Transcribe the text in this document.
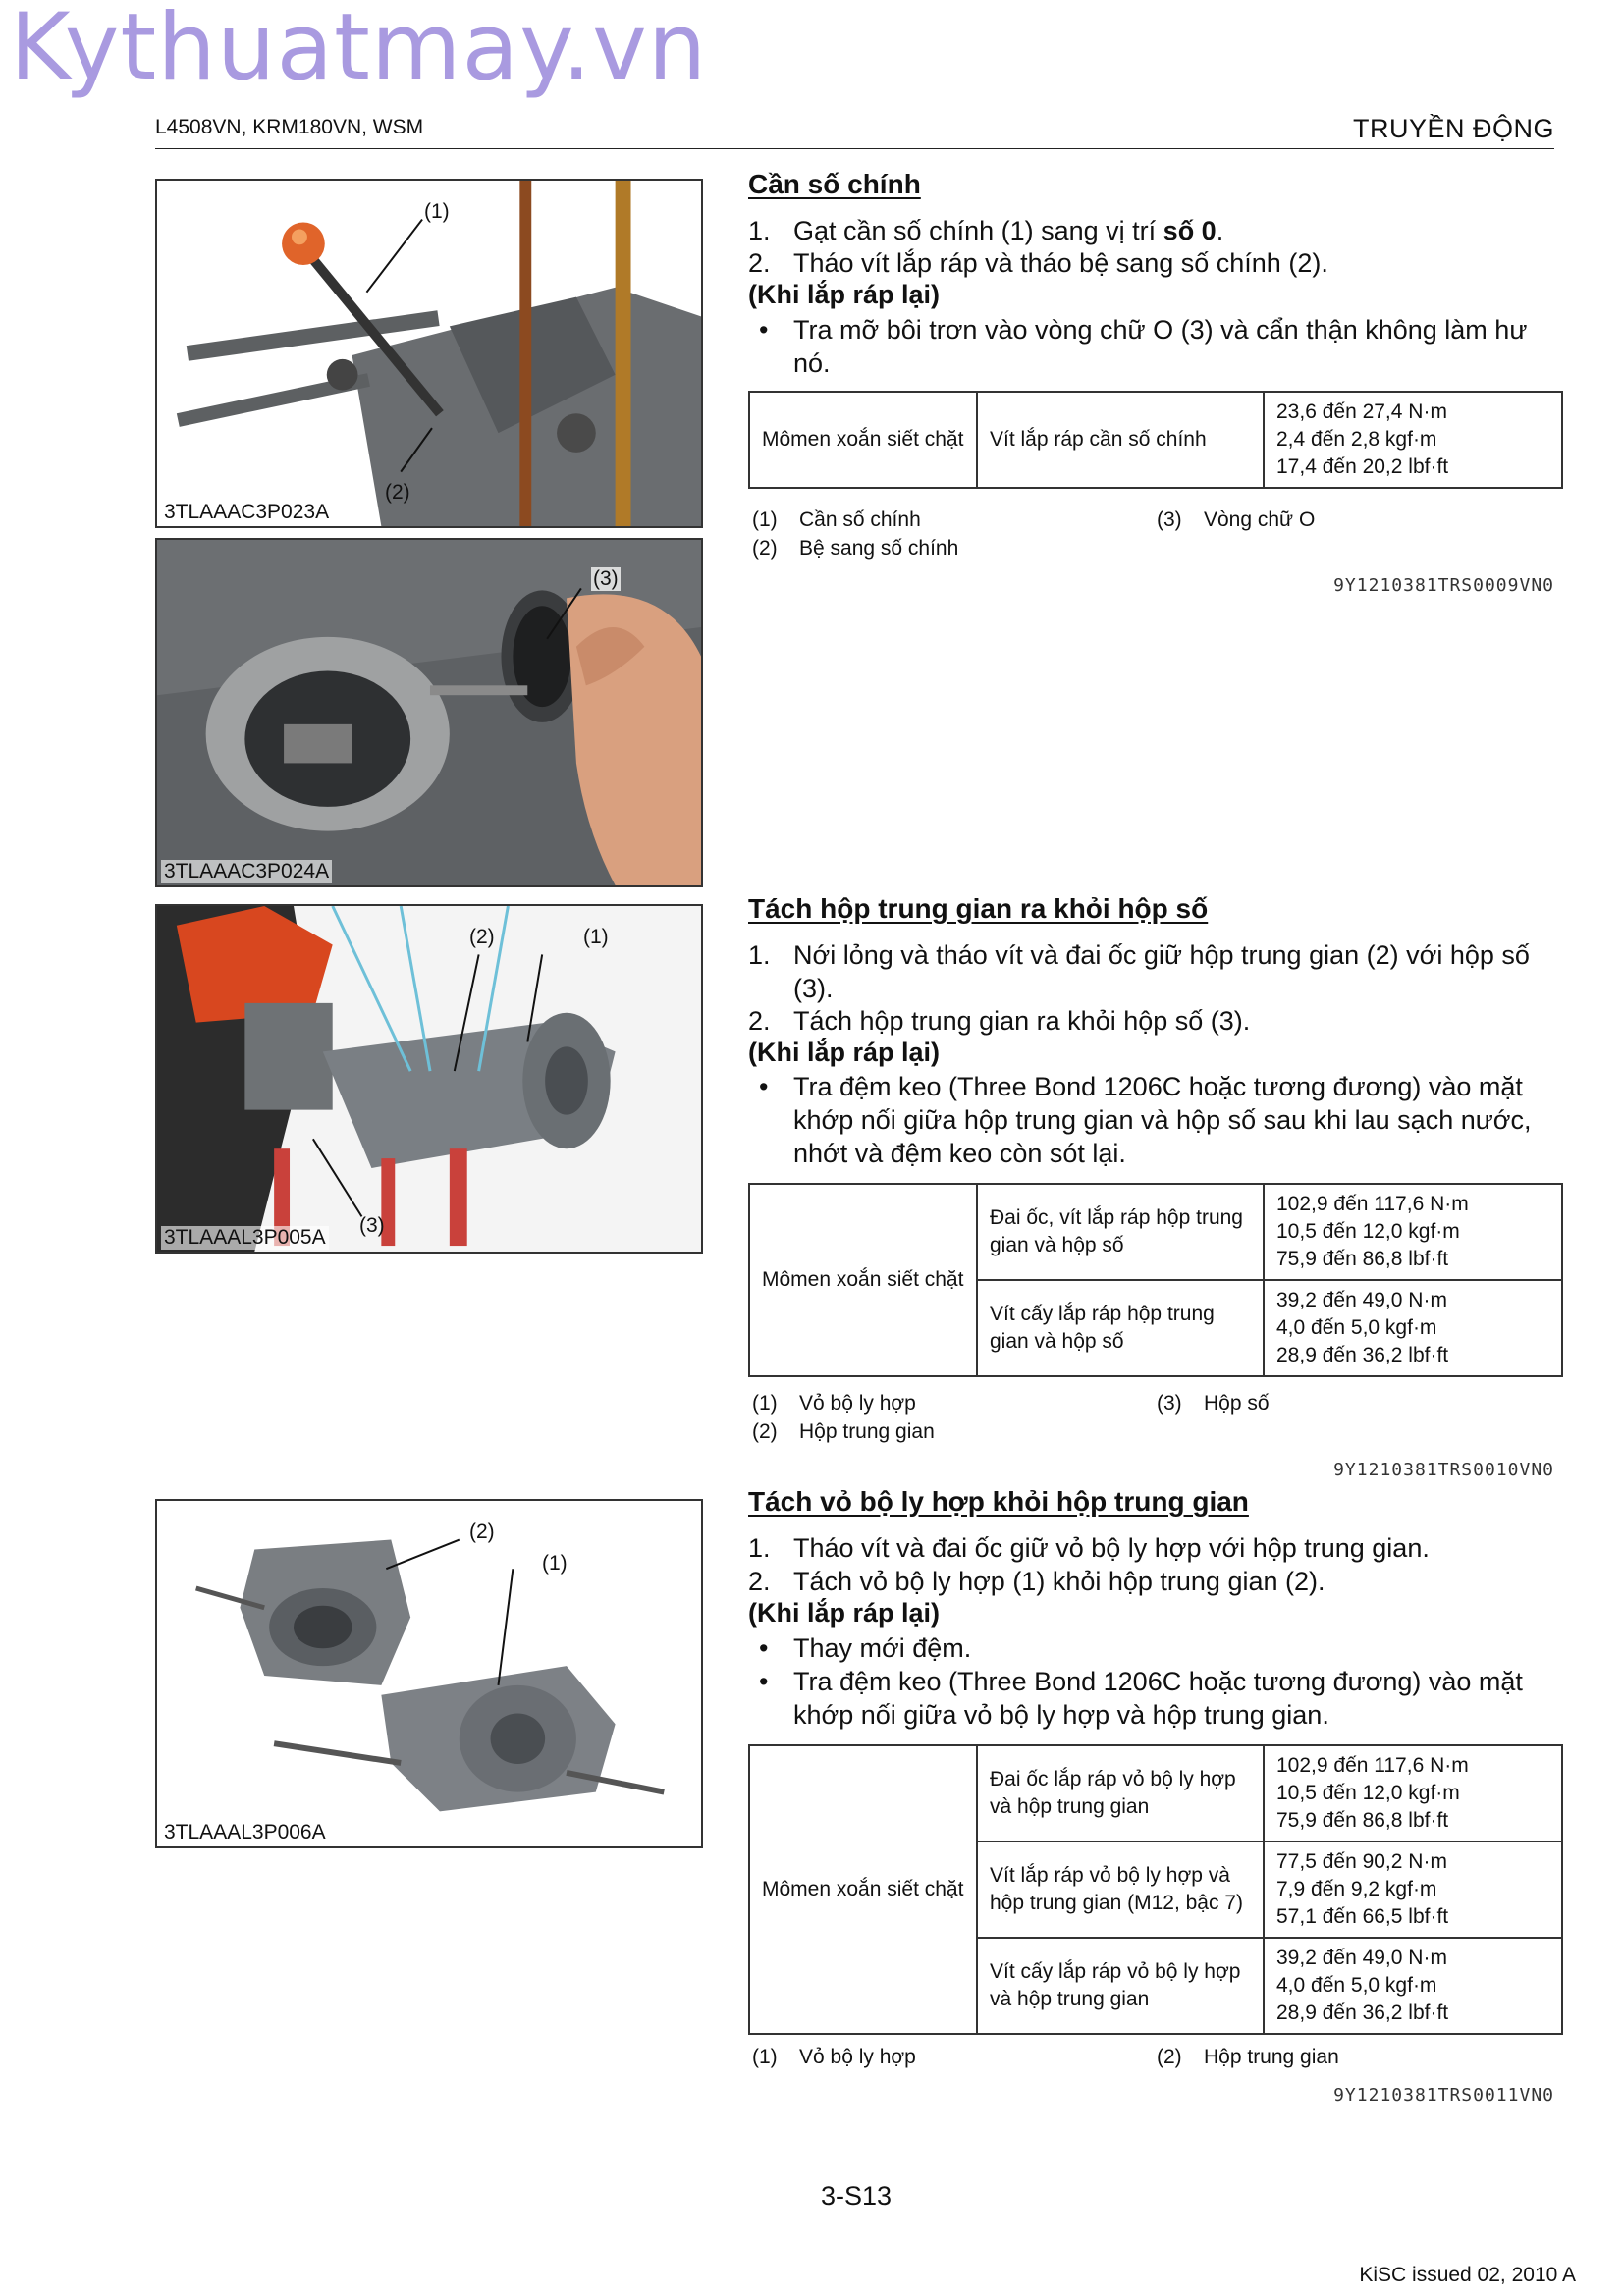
Kythuatmay.vn
L4508VN, KRM180VN, WSM	TRUYỀN ĐỘNG
(1)
(2)
3TLAAAC3P023A
(3)
3TLAAAC3P024A
(2)	(1)
(3)
3TLAAAL3P005A
(2)
(1)
3TLAAAL3P006A
Cần số chính
1. Gạt cần số chính (1) sang vị trí số 0.
2. Tháo vít lắp ráp và tháo bệ sang số chính (2).
(Khi lắp ráp lại)
• Tra mỡ bôi trơn vào vòng chữ O (3) và cẩn thận không làm hư nó.
Mômen xoắn siết chặt	Vít lắp ráp cần số chính	
23,6 đến 27,4 N·m
2,4 đến 2,8 kgf·m
17,4 đến 20,2 lbf·ft
(1) Cần số chính	(3) Vòng chữ O
(2) Bệ sang số chính
9Y1210381TRS0009VN0
Tách hộp trung gian ra khỏi hộp số
1. Nới lỏng và tháo vít và đai ốc giữ hộp trung gian (2) với hộp số (3).
2. Tách hộp trung gian ra khỏi hộp số (3).
(Khi lắp ráp lại)
• Tra đệm keo (Three Bond 1206C hoặc tương đương) vào mặt khớp nối giữa hộp trung gian và hộp số sau khi lau sạch nước, nhớt và đệm keo còn sót lại.
Mômen xoắn siết chặt	Đai ốc, vít lắp ráp hộp trung gian và hộp số	102,9 đến 117,6 N·m
10,5 đến 12,0 kgf·m
75,9 đến 86,8 lbf·ft

	Vít cấy lắp ráp hộp trung gian và hộp số	39,2 đến 49,0 N·m
4,0 đến 5,0 kgf·m
28,9 đến 36,2 lbf·ft
(1) Vỏ bộ ly hợp	(3) Hộp số
(2) Hộp trung gian
9Y1210381TRS0010VN0
Tách vỏ bộ ly hợp khỏi hộp trung gian
1. Tháo vít và đai ốc giữ vỏ bộ ly hợp với hộp trung gian.
2. Tách vỏ bộ ly hợp (1) khỏi hộp trung gian (2).
(Khi lắp ráp lại)
• Thay mới đệm.
• Tra đệm keo (Three Bond 1206C hoặc tương đương) vào mặt khớp nối giữa vỏ bộ ly hợp và hộp trung gian.
Mômen xoắn siết chặt	Đai ốc lắp ráp vỏ bộ ly hợp và hộp trung gian	102,9 đến 117,6 N·m
10,5 đến 12,0 kgf·m
75,9 đến 86,8 lbf·ft

	Vít lắp ráp vỏ bộ ly hợp và hộp trung gian (M12, bậc 7)	77,5 đến 90,2 N·m
7,9 đến 9,2 kgf·m
57,1 đến 66,5 lbf·ft

	Vít cấy lắp ráp vỏ bộ ly hợp và hộp trung gian	39,2 đến 49,0 N·m
4,0 đến 5,0 kgf·m
28,9 đến 36,2 lbf·ft
(1) Vỏ bộ ly hợp	(2) Hộp trung gian
9Y1210381TRS0011VN0
3-S13
KiSC issued 02, 2010 A
